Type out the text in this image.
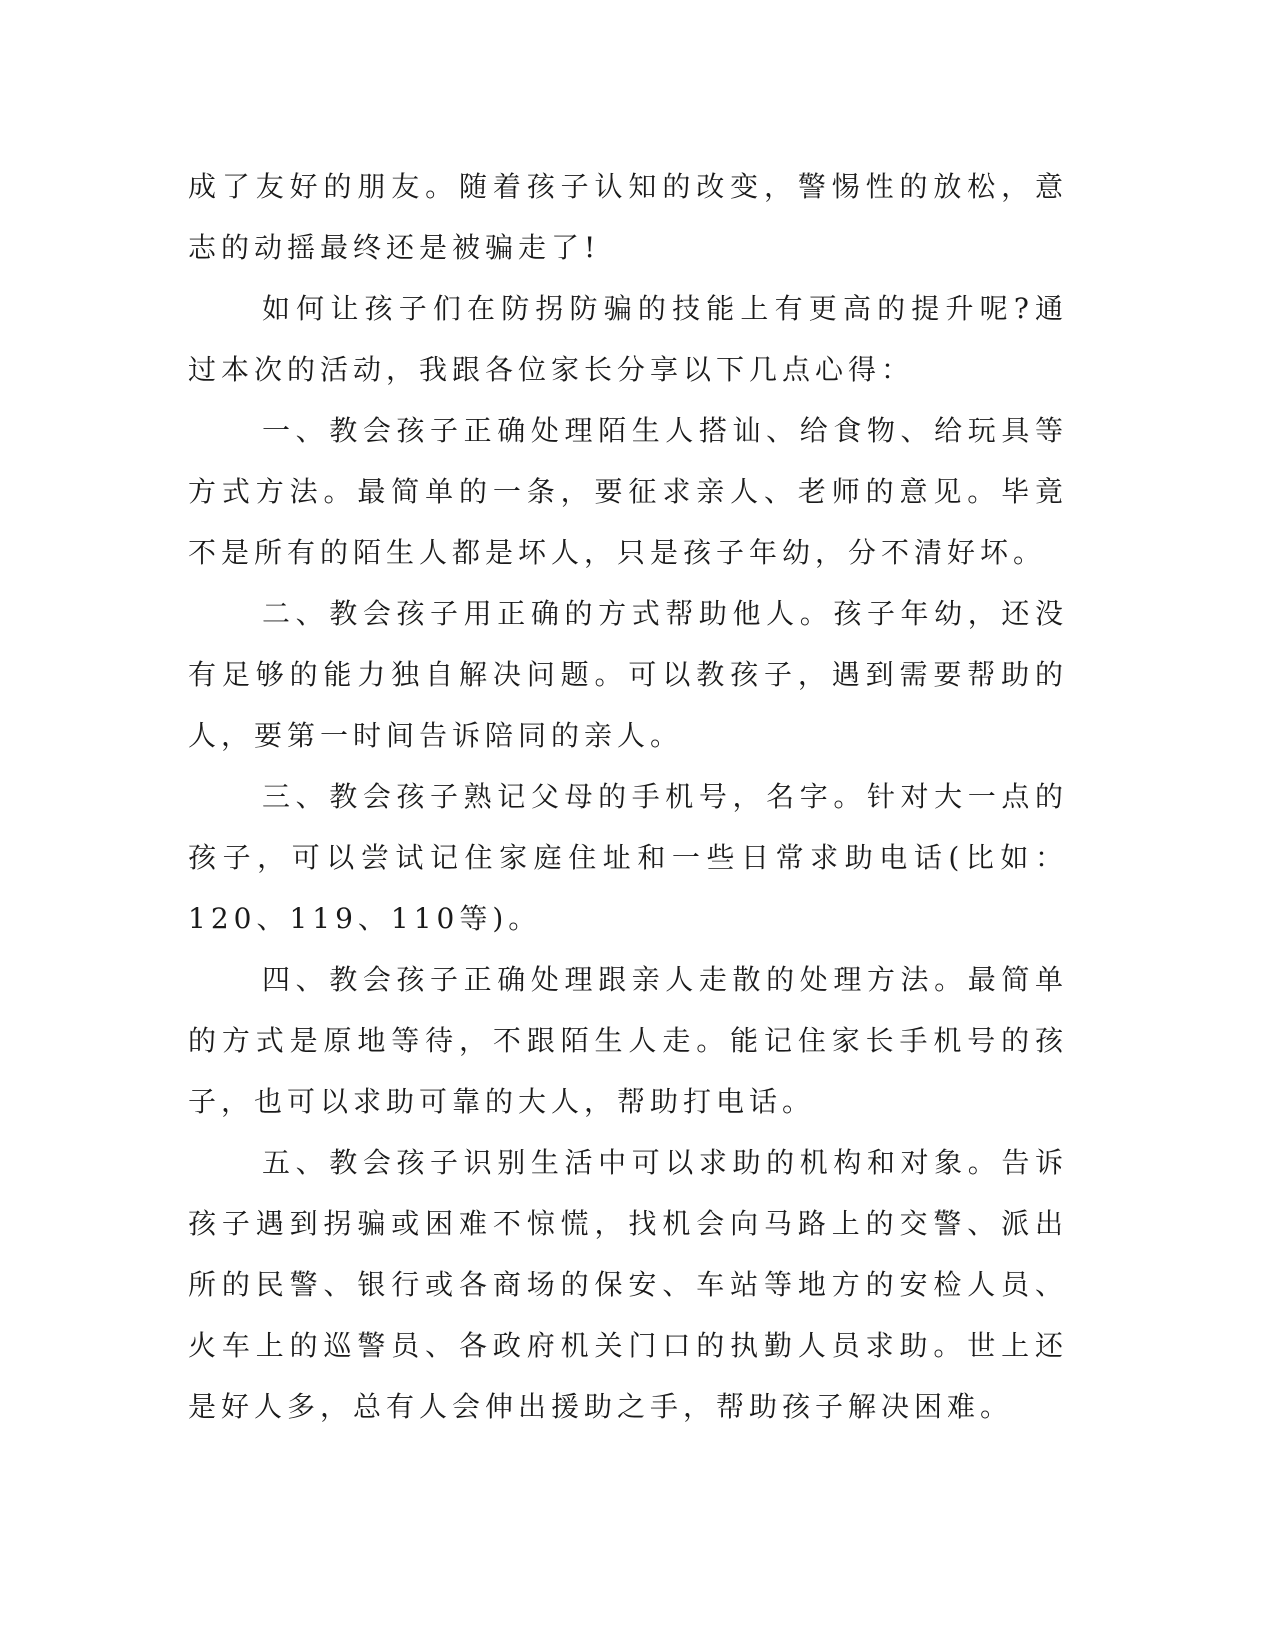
成了友好的朋友。随着孩子认知的改变，警惕性的放松，意志的动摇最终还是被骗走了!

如何让孩子们在防拐防骗的技能上有更高的提升呢?通过本次的活动，我跟各位家长分享以下几点心得：

一、教会孩子正确处理陌生人搭讪、给食物、给玩具等方式方法。最简单的一条，要征求亲人、老师的意见。毕竟不是所有的陌生人都是坏人，只是孩子年幼，分不清好坏。

二、教会孩子用正确的方式帮助他人。孩子年幼，还没有足够的能力独自解决问题。可以教孩子，遇到需要帮助的人，要第一时间告诉陪同的亲人。

三、教会孩子熟记父母的手机号，名字。针对大一点的孩子，可以尝试记住家庭住址和一些日常求助电话(比如：120、119、110等)。

四、教会孩子正确处理跟亲人走散的处理方法。最简单的方式是原地等待，不跟陌生人走。能记住家长手机号的孩子，也可以求助可靠的大人，帮助打电话。

五、教会孩子识别生活中可以求助的机构和对象。告诉孩子遇到拐骗或困难不惊慌，找机会向马路上的交警、派出所的民警、银行或各商场的保安、车站等地方的安检人员、火车上的巡警员、各政府机关门口的执勤人员求助。世上还是好人多，总有人会伸出援助之手，帮助孩子解决困难。
